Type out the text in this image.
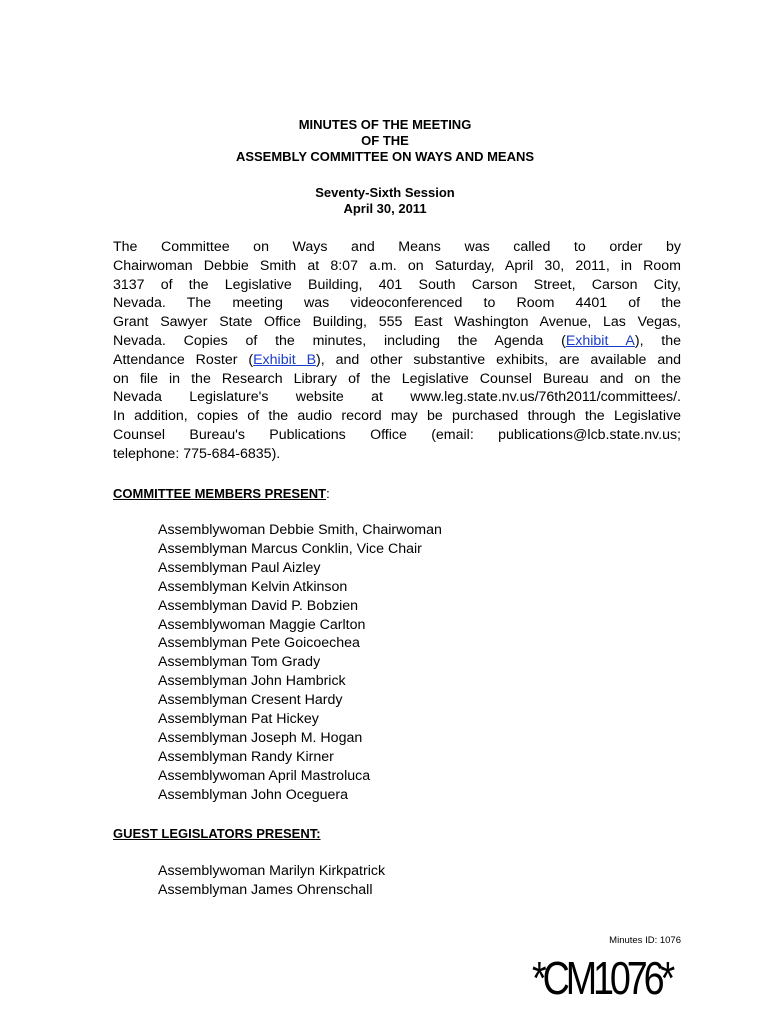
MINUTES OF THE MEETING
OF THE
ASSEMBLY COMMITTEE ON WAYS AND MEANS
Seventy-Sixth Session
April 30, 2011
The Committee on Ways and Means was called to order by
Chairwoman Debbie Smith at 8:07 a.m. on Saturday, April 30, 2011, in Room
3137 of the Legislative Building, 401 South Carson Street, Carson City,
Nevada. The meeting was videoconferenced to Room 4401 of the
Grant Sawyer State Office Building, 555 East Washington Avenue, Las Vegas,
Nevada. Copies of the minutes, including the Agenda (Exhibit A), the
Attendance Roster (Exhibit B), and other substantive exhibits, are available and
on file in the Research Library of the Legislative Counsel Bureau and on the
Nevada Legislature's website at www.leg.state.nv.us/76th2011/committees/.
In addition, copies of the audio record may be purchased through the Legislative
Counsel Bureau's Publications Office (email: publications@lcb.state.nv.us;
telephone: 775-684-6835).
COMMITTEE MEMBERS PRESENT:
Assemblywoman Debbie Smith, Chairwoman
Assemblyman Marcus Conklin, Vice Chair
Assemblyman Paul Aizley
Assemblyman Kelvin Atkinson
Assemblyman David P. Bobzien
Assemblywoman Maggie Carlton
Assemblyman Pete Goicoechea
Assemblyman Tom Grady
Assemblyman John Hambrick
Assemblyman Cresent Hardy
Assemblyman Pat Hickey
Assemblyman Joseph M. Hogan
Assemblyman Randy Kirner
Assemblywoman April Mastroluca
Assemblyman John Oceguera
GUEST LEGISLATORS PRESENT:
Assemblywoman Marilyn Kirkpatrick
Assemblyman James Ohrenschall
Minutes ID: 1076
*CM1076*
